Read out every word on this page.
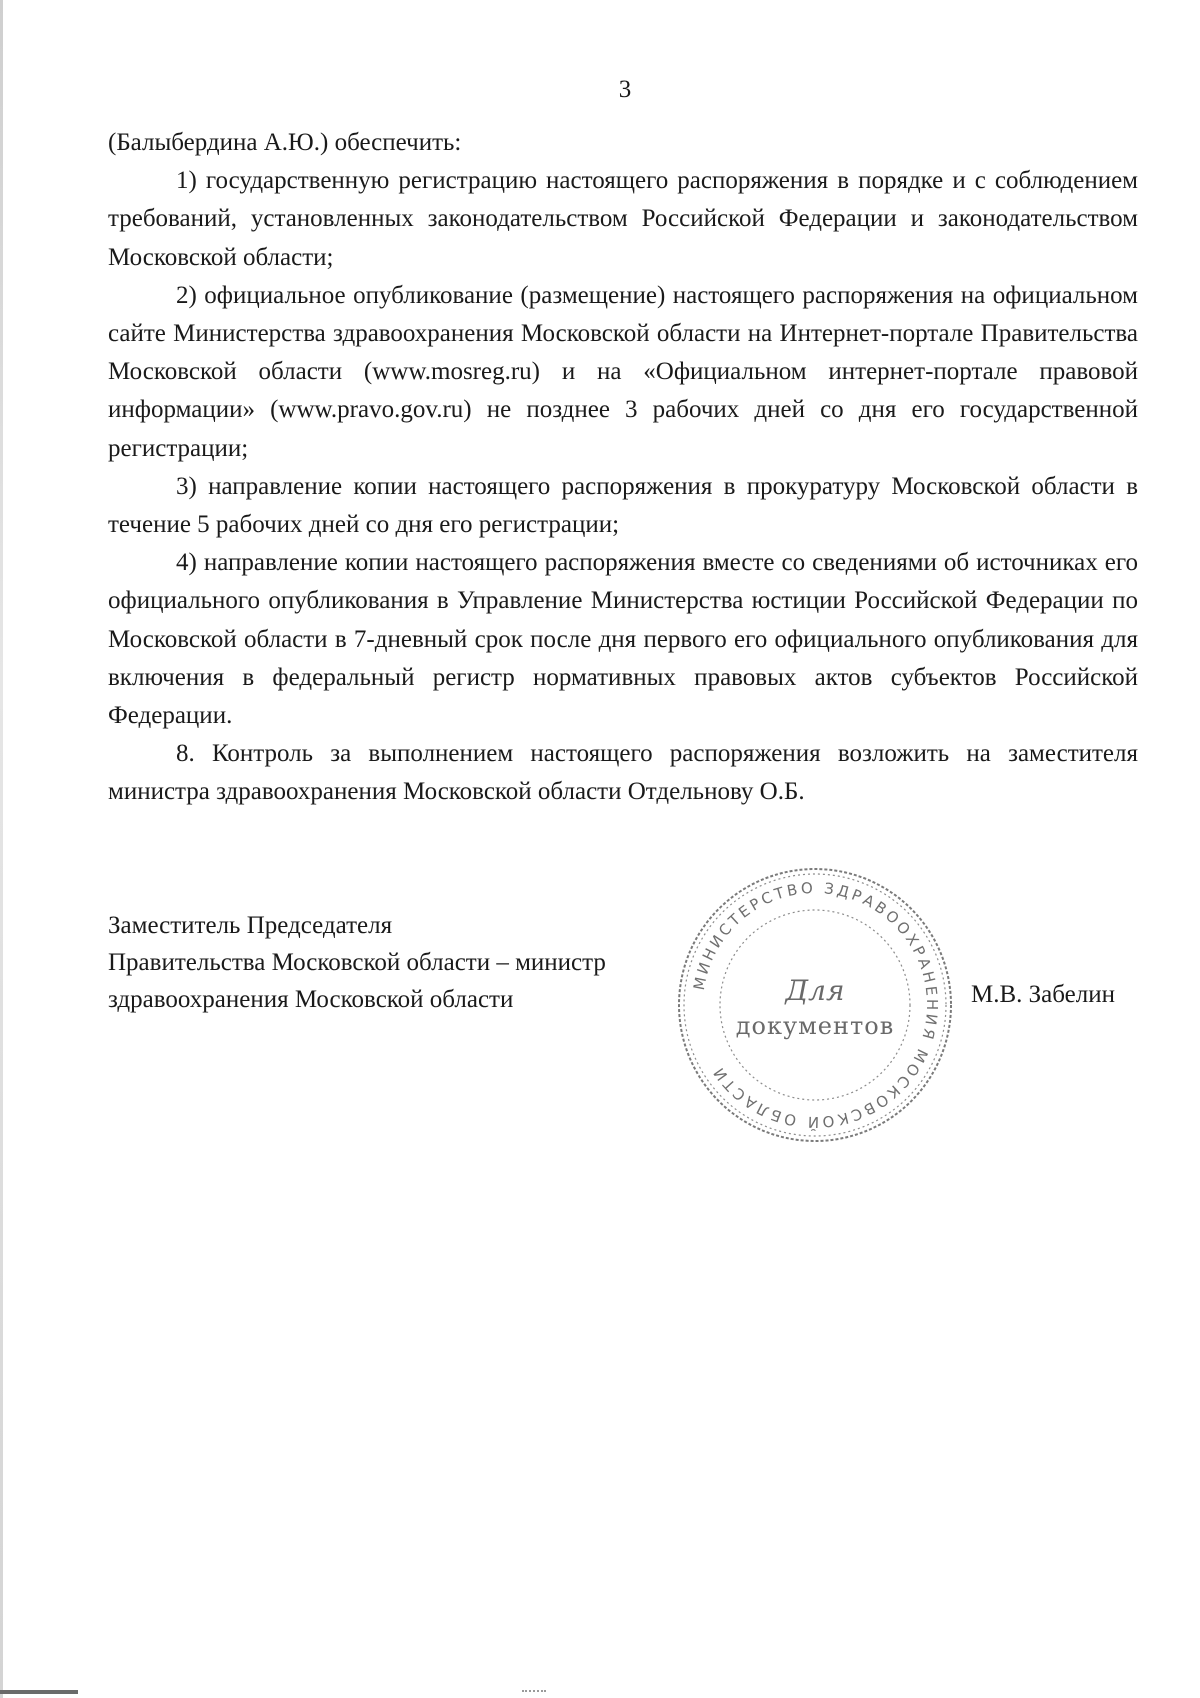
3

(Балыбердина А.Ю.) обеспечить:

1) государственную регистрацию настоящего распоряжения в порядке и с соблюдением требований, установленных законодательством Российской Федерации и законодательством Московской области;

2) официальное опубликование (размещение) настоящего распоряжения на официальном сайте Министерства здравоохранения Московской области на Интернет-портале Правительства Московской области (www.mosreg.ru) и на «Официальном интернет-портале правовой информации» (www.pravo.gov.ru) не позднее 3 рабочих дней со дня его государственной регистрации;

3) направление копии настоящего распоряжения в прокуратуру Московской области в течение 5 рабочих дней со дня его регистрации;

4) направление копии настоящего распоряжения вместе со сведениями об источниках его официального опубликования в Управление Министерства юстиции Российской Федерации по Московской области в 7-дневный срок после дня первого его официального опубликования для включения в федеральный регистр нормативных правовых актов субъектов Российской Федерации.

8. Контроль за выполнением настоящего распоряжения возложить на заместителя министра здравоохранения Московской области Отдельнову О.Б.

Заместитель Председателя
Правительства Московской области – министр
здравоохранения Московской области
МИНИСТЕРСТВО ЗДРАВООХРАНЕНИЯ МОСКОВСКОЙ ОБЛАСТИ
Для
документов
М.В. Забелин
